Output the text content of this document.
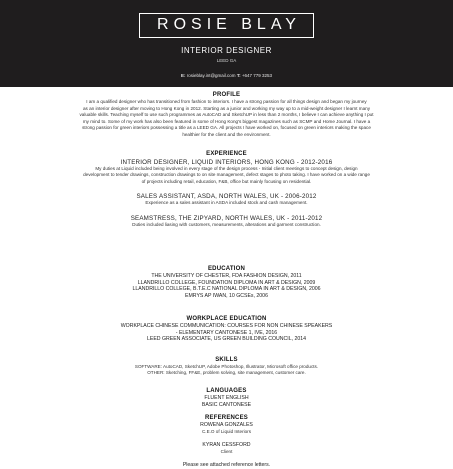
ROSIE BLAY
INTERIOR DESIGNER
LEED GA
E: rosieblay.int@gmail.com T: +647 779 3253
PROFILE
I am a qualified designer who has transitioned from fashion to interiors. I have a strong passion for all things design and began my journey
as an interior designer after moving to Hong Kong in 2012. Starting as a junior and working my way up to a mid-weight designer I learnt many
valuable skills. Teaching myself to use such programmes as AutoCAD and SketchUP in less than 2 months, I believe I can achieve anything I put
my mind to. Some of my work has also been featured in some of Hong Kong's biggest magazines such as SCMP and Home Journal. I have a
strong passion for green interiors possessing a title as a LEED GA. All projects I have worked on, focused on green interiors making the space
healthier for the client and the environment.
EXPERIENCE
INTERIOR DESIGNER, LIQUID INTERIORS, HONG KONG - 2012-2016
My duties at Liquid included being involved in every stage of the design process - Initial client meetings to concept design, design
development to tender drawings, construction drawings to on site management, defect stages to photo taking. I have worked on a wide range
of projects including retail, education, F&B, office but mainly focusing on residential.
SALES ASSISTANT, ASDA, NORTH WALES, UK - 2006-2012
Experience as a sales assistant in ASDA included stock and cash management.
SEAMSTRESS, THE ZIPYARD, NORTH WALES, UK - 2011-2012
Duties included liasing with customers, measurements, alterations and garment construction.
EDUCATION
THE UNIVERSITY OF CHESTER, FDA FASHION DESIGN, 2011
LLANDRILLO COLLEGE, FOUNDATION DIPLOMA IN ART & DESIGN, 2009
LLANDRILLO COLLEGE, B.T.E.C NATIONAL DIPLOMA IN ART & DESIGN, 2006
EMRYS AP IWAN, 10 GCSEs, 2006
WORKPLACE EDUCATION
WORKPLACE CHINESE COMMUNICATION: COURSES FOR NON CHINESE SPEAKERS
- ELEMENTARY CANTONESE 1, IVE, 2016
LEED GREEN ASSOCIATE, US GREEN BUILDING COUNCIL, 2014
SKILLS
SOFTWARE: AutoCAD, SketchUP, Adobe Photoshop, Illustrator, Microsoft office products.
OTHER: Sketching, FF&E, problem solving, site management, customer care.
LANGUAGES
FLUENT ENGLISH
BASIC CANTONESE
REFERENCES
ROWENA GONZALES
C.E.O of Liquid Interiors
KYRAN CESSFORD
Client
Please see attached reference letters.
